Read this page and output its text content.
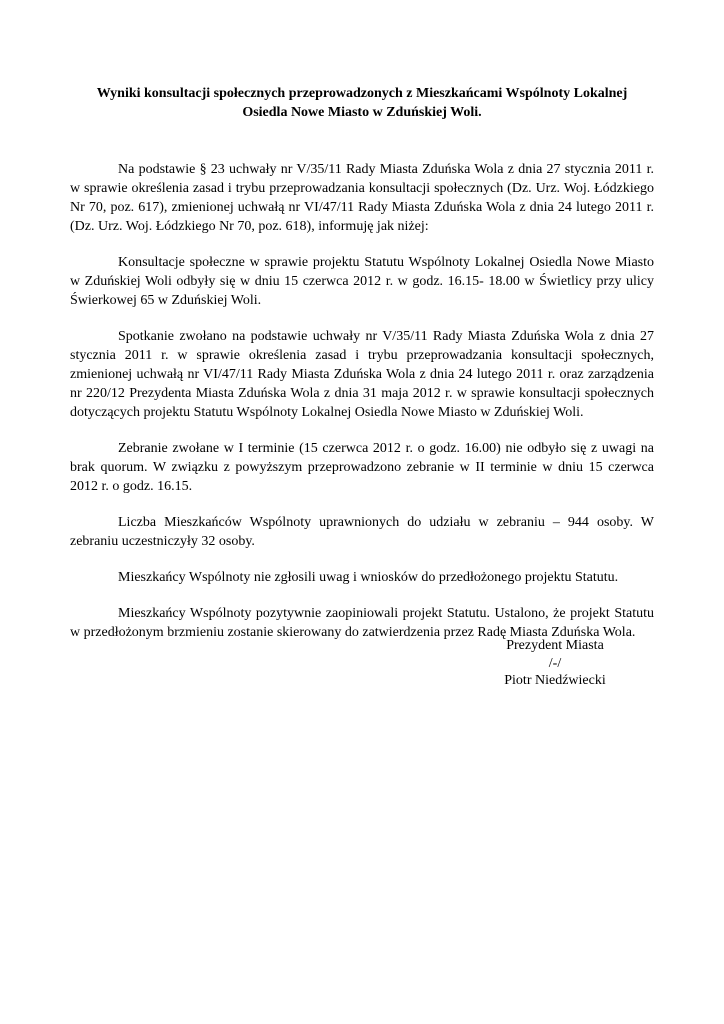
Wyniki konsultacji społecznych przeprowadzonych z Mieszkańcami Wspólnoty Lokalnej
Osiedla Nowe Miasto w Zduńskiej Woli.

Na podstawie § 23 uchwały nr V/35/11 Rady Miasta Zduńska Wola z dnia 27 stycznia 2011 r. w sprawie określenia zasad i trybu przeprowadzania konsultacji społecznych (Dz. Urz. Woj. Łódzkiego Nr 70, poz. 617), zmienionej uchwałą nr VI/47/11 Rady Miasta Zduńska Wola z dnia 24 lutego 2011 r. (Dz. Urz. Woj. Łódzkiego Nr 70, poz. 618), informuję jak niżej:

Konsultacje społeczne w sprawie projektu Statutu Wspólnoty Lokalnej Osiedla Nowe Miasto w Zduńskiej Woli odbyły się w dniu 15 czerwca 2012 r. w godz. 16.15- 18.00 w Świetlicy przy ulicy Świerkowej 65 w Zduńskiej Woli.

Spotkanie zwołano na podstawie uchwały nr V/35/11 Rady Miasta Zduńska Wola z dnia 27 stycznia 2011 r. w sprawie określenia zasad i trybu przeprowadzania konsultacji społecznych, zmienionej uchwałą nr VI/47/11 Rady Miasta Zduńska Wola z dnia 24 lutego 2011 r. oraz zarządzenia nr 220/12 Prezydenta Miasta Zduńska Wola z dnia 31 maja 2012 r. w sprawie konsultacji społecznych dotyczących projektu Statutu Wspólnoty Lokalnej Osiedla Nowe Miasto w Zduńskiej Woli.

Zebranie zwołane w I terminie (15 czerwca 2012 r. o godz. 16.00) nie odbyło się z uwagi na brak quorum. W związku z powyższym przeprowadzono zebranie w II terminie w dniu 15 czerwca 2012 r. o godz. 16.15.

Liczba Mieszkańców Wspólnoty uprawnionych do udziału w zebraniu – 944 osoby. W zebraniu uczestniczyły 32 osoby.

Mieszkańcy Wspólnoty nie zgłosili uwag i wniosków do przedłożonego projektu Statutu.

Mieszkańcy Wspólnoty pozytywnie zaopiniowali projekt Statutu. Ustalono, że projekt Statutu w przedłożonym brzmieniu zostanie skierowany do zatwierdzenia przez Radę Miasta Zduńska Wola.

Prezydent Miasta
/-/
Piotr Niedźwiecki
